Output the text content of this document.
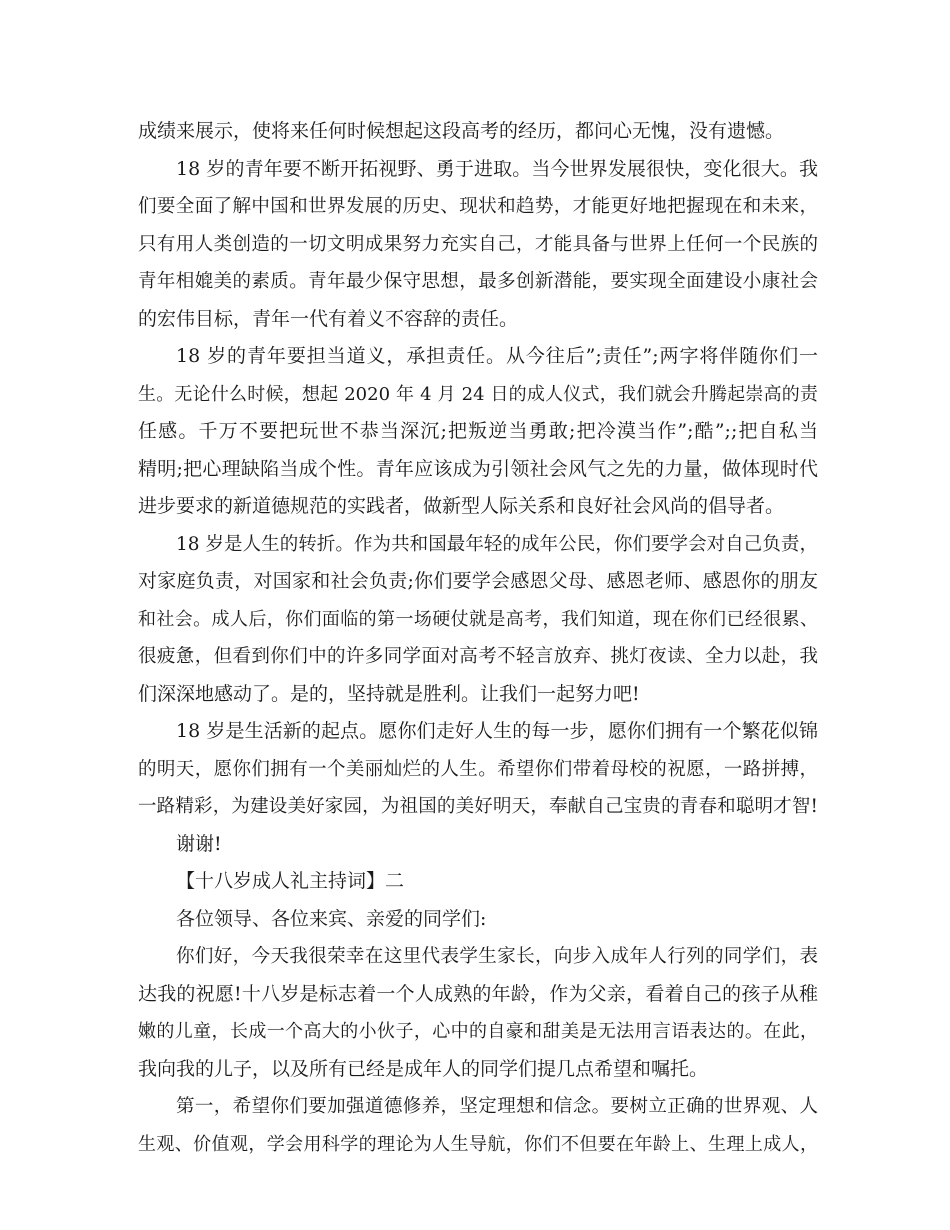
成绩来展示，使将来任何时候想起这段高考的经历，都问心无愧，没有遗憾。
18 岁的青年要不断开拓视野、勇于进取。当今世界发展很快，变化很大。我
们要全面了解中国和世界发展的历史、现状和趋势，才能更好地把握现在和未来，
只有用人类创造的一切文明成果努力充实自己，才能具备与世界上任何一个民族的
青年相媲美的素质。青年最少保守思想，最多创新潜能，要实现全面建设小康社会
的宏伟目标，青年一代有着义不容辞的责任。
18 岁的青年要担当道义，承担责任。从今往后”;责任”;两字将伴随你们一
生。无论什么时候，想起 2020 年 4 月 24 日的成人仪式，我们就会升腾起崇高的责
任感。千万不要把玩世不恭当深沉;把叛逆当勇敢;把冷漠当作”;酷”;;把自私当
精明;把心理缺陷当成个性。青年应该成为引领社会风气之先的力量，做体现时代
进步要求的新道德规范的实践者，做新型人际关系和良好社会风尚的倡导者。
18 岁是人生的转折。作为共和国最年轻的成年公民，你们要学会对自己负责，
对家庭负责，对国家和社会负责;你们要学会感恩父母、感恩老师、感恩你的朋友
和社会。成人后，你们面临的第一场硬仗就是高考，我们知道，现在你们已经很累、
很疲惫，但看到你们中的许多同学面对高考不轻言放弃、挑灯夜读、全力以赴，我
们深深地感动了。是的，坚持就是胜利。让我们一起努力吧!
18 岁是生活新的起点。愿你们走好人生的每一步，愿你们拥有一个繁花似锦
的明天，愿你们拥有一个美丽灿烂的人生。希望你们带着母校的祝愿，一路拼搏，
一路精彩，为建设美好家园，为祖国的美好明天，奉献自己宝贵的青春和聪明才智!
谢谢!
【十八岁成人礼主持词】二
各位领导、各位来宾、亲爱的同学们:
你们好，今天我很荣幸在这里代表学生家长，向步入成年人行列的同学们，表
达我的祝愿!十八岁是标志着一个人成熟的年龄，作为父亲，看着自己的孩子从稚
嫩的儿童，长成一个高大的小伙子，心中的自豪和甜美是无法用言语表达的。在此，
我向我的儿子，以及所有已经是成年人的同学们提几点希望和嘱托。
第一，希望你们要加强道德修养，坚定理想和信念。要树立正确的世界观、人
生观、价值观，学会用科学的理论为人生导航，你们不但要在年龄上、生理上成人，
